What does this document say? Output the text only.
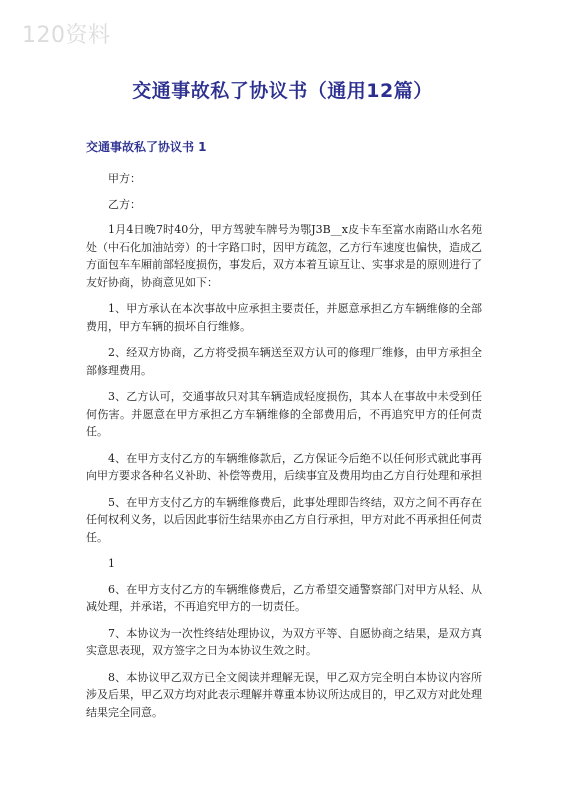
120资料
交通事故私了协议书（通用12篇）
交通事故私了协议书 1

甲方：

乙方：

1月4日晚7时40分，甲方驾驶车牌号为鄂J3B__x皮卡车至富水南路山水名苑处（中石化加油站旁）的十字路口时，因甲方疏忽，乙方行车速度也偏快，造成乙方面包车车厢前部轻度损伤，事发后，双方本着互谅互让、实事求是的原则进行了友好协商，协商意见如下：

1、甲方承认在本次事故中应承担主要责任，并愿意承担乙方车辆维修的全部费用，甲方车辆的损坏自行维修。

2、经双方协商，乙方将受损车辆送至双方认可的修理厂维修，由甲方承担全部修理费用。

3、乙方认可，交通事故只对其车辆造成轻度损伤，其本人在事故中未受到任何伤害。并愿意在甲方承担乙方车辆维修的全部费用后，不再追究甲方的任何责任。

4、在甲方支付乙方的车辆维修款后，乙方保证今后绝不以任何形式就此事再向甲方要求各种名义补助、补偿等费用，后续事宜及费用均由乙方自行处理和承担

5、在甲方支付乙方的车辆维修费后，此事处理即告终结，双方之间不再存在任何权利义务，以后因此事衍生结果亦由乙方自行承担，甲方对此不再承担任何责任。

1

6、在甲方支付乙方的车辆维修费后，乙方希望交通警察部门对甲方从轻、从减处理，并承诺，不再追究甲方的一切责任。

7、本协议为一次性终结处理协议，为双方平等、自愿协商之结果，是双方真实意思表现，双方签字之日为本协议生效之时。

8、本协议甲乙双方已全文阅读并理解无误，甲乙双方完全明白本协议内容所涉及后果，甲乙双方均对此表示理解并尊重本协议所达成目的，甲乙双方对此处理结果完全同意。
